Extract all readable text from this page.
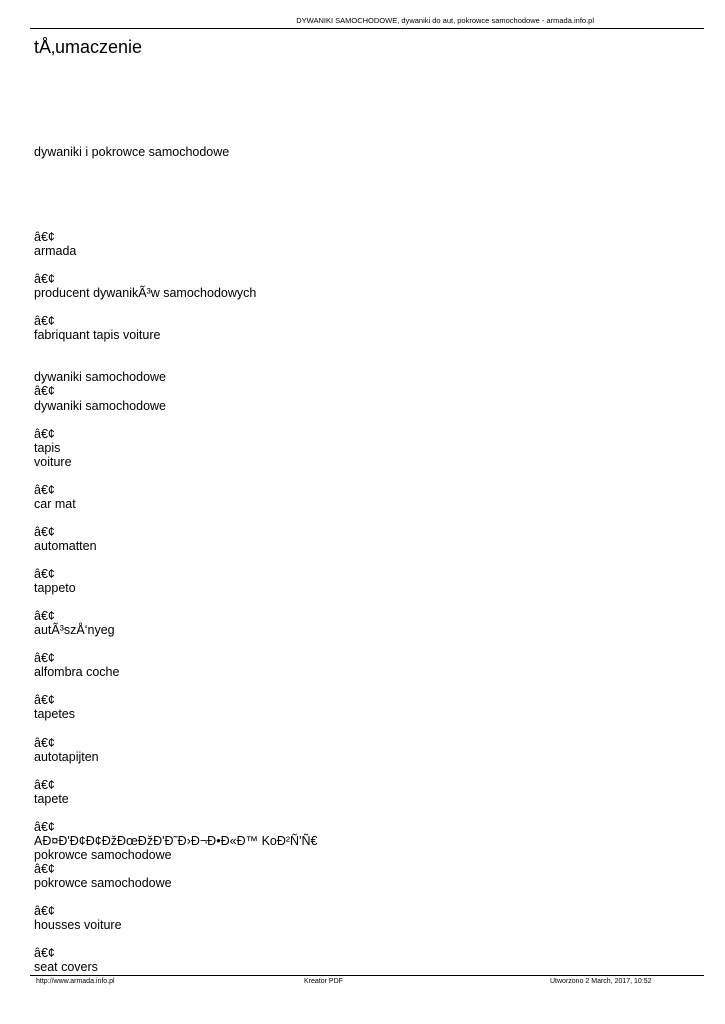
DYWANIKI SAMOCHODOWE, dywaniki do aut, pokrowce samochodowe - armada.info.pl
tÅ‚umaczenie
dywaniki i pokrowce samochodowe
â€¢
armada
â€¢
producent dywanikÃ³w samochodowych
â€¢
fabriquant tapis voiture
dywaniki samochodowe
â€¢
dywaniki samochodowe
â€¢
tapis
voiture
â€¢
car mat
â€¢
automatten
â€¢
tappeto
â€¢
autÃ³szÅ‘nyeg
â€¢
alfombra coche
â€¢
tapetes
â€¢
autotapijten
â€¢
tapete
â€¢
AÐ¤Ð'Ð¢Ð¢ÐžÐœÐžÐ'Ð˜Ð›Ð¬Ð•Ð«Ð™ KoÐ²Ñ'Ñ€
pokrowce samochodowe
â€¢
pokrowce samochodowe
â€¢
housses voiture
â€¢
seat covers
http://www.armada.info.pl	Kreator PDF	Utworzono 2 March, 2017, 10:52
